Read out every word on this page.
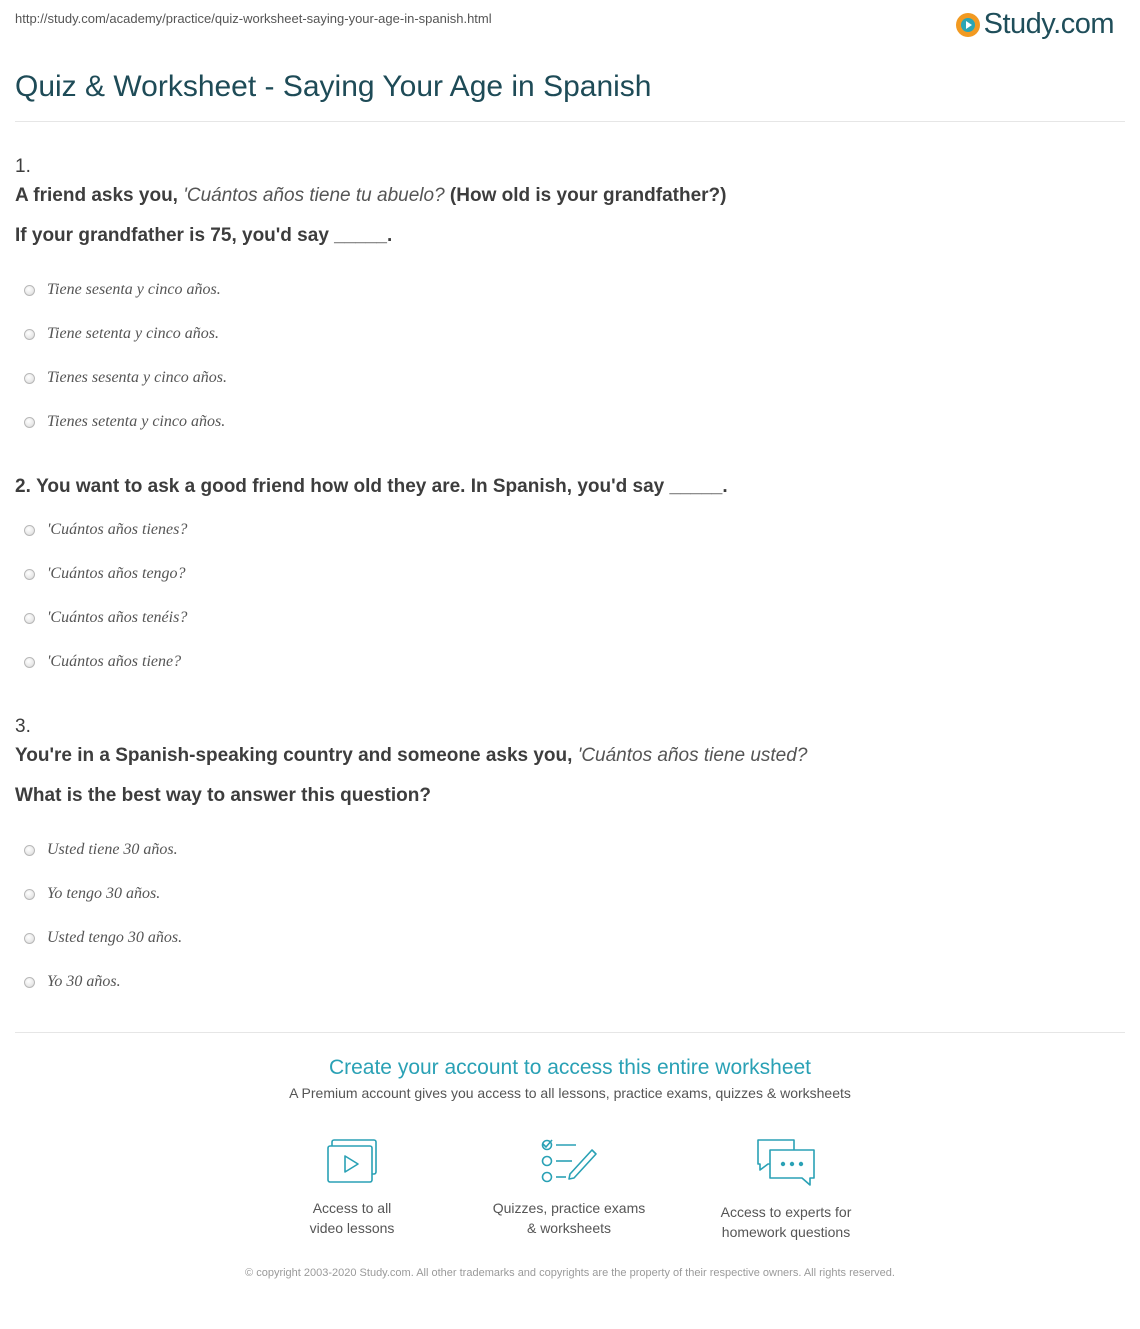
http://study.com/academy/practice/quiz-worksheet-saying-your-age-in-spanish.html	Study.com
Quiz & Worksheet - Saying Your Age in Spanish
1.
A friend asks you, 'Cuántos años tiene tu abuelo? (How old is your grandfather?)
If your grandfather is 75, you'd say _____.
Tiene sesenta y cinco años.
Tiene setenta y cinco años.
Tienes sesenta y cinco años.
Tienes setenta y cinco años.
2. You want to ask a good friend how old they are. In Spanish, you'd say _____.
'Cuántos años tienes?
'Cuántos años tengo?
'Cuántos años tenéis?
'Cuántos años tiene?
3.
You're in a Spanish-speaking country and someone asks you, 'Cuántos años tiene usted?
What is the best way to answer this question?
Usted tiene 30 años.
Yo tengo 30 años.
Usted tengo 30 años.
Yo 30 años.
Create your account to access this entire worksheet
A Premium account gives you access to all lessons, practice exams, quizzes & worksheets
Access to all
video lessons
Quizzes, practice exams
& worksheets
Access to experts for
homework questions
© copyright 2003-2020 Study.com. All other trademarks and copyrights are the property of their respective owners. All rights reserved.
